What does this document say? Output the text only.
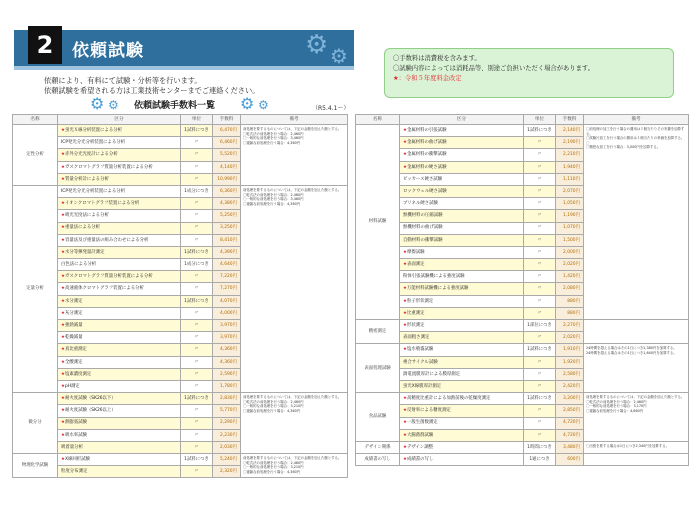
2	依頼試験	⚙ ⚙
依頼により、有料にて試験・分析等を行います。
依頼試験を希望される方は工業技術センターまでご連絡ください。
〇手数料は消費税を含みます。
〇試験内容によっては消耗品等、別途ご負担いただく場合があります。
★：令和５年度料金改定
⚙ ⚙ 依頼試験手数料一覧 ⚙ ⚙	（R5.4.1～）
名称	区分	単位	手数料	備考
定性分析	★蛍光Ｘ線分析装置による分析	1試料につき	6,470円	前処理を要するものについては、下記の金額を加えた額とする。
〇乾式法の前処理を行う場合：2,460円
〇一般的な前処理を行う場合：3,460円
〇複雑な前処理を行う場合：4,360円

	ICP発光分光分析装置による分析	〃	6,460円	
	★赤外分光光度計による分析	〃	5,520円	
	★ガスクロマトグラフ質量分析装置による分析	〃	4,140円	
	★質量分析計による分析	〃	10,990円	
定量分析	ICP発光分光分析装置による分析	1成分につき	6,360円	前処理を要するものについては、下記の金額を加えた額とする。
〇乾式法の前処理を行う場合：2,460円
〇一般的な前処理を行う場合：3,460円
〇複雑な前処理を行う場合：4,360円

	★イオンクロマトグラフ装置による分析	〃	4,380円	
	★吸光光度法による分析	〃	5,250円	
	★重量法による分析	〃	3,250円	
	★容量法及び重量法の組み合わせによる分析	〃	8,410円	
	★水分等揮発量計測定	1試料につき	4,390円	
	白色法による分析	1成分につき	4,640円	
	★ガスクロマトグラフ質量分析装置による分析	〃	7,220円	
	★高速液体クロマトグラフ装置による分析	〃	7,270円	
	★水分測定	1試料につき	4,070円	
	★灰分測定	〃	4,000円	
	★強熱減量	〃	3,970円	
	★乾燥減量	〃	3,970円	
	★真比重測定	〃	4,360円	
	★全酸測定	〃	4,360円	
	★塩素濃度測定	〃	2,590円	
	★pH測定	〃	1,780円	
微分分	★耐火度試験（SK26以下）	1試料につき	2,830円	前処理を要するものについては、下記の金額を加えた額とする。
〇乾式法の前処理を行う場合：2,460円
〇一般的な前処理を行う場合：3,210円
〇複雑な前処理を行う場合：4,360円

	★耐火度試験（SK26以上）	〃	5,770円	
	★熱膨張試験	〃	2,290円	
	★吸水率試験	〃	2,230円	
	吸着量分析	〃	2,030円	
物理化学試験	★X線回折試験	1試料につき	5,240円	前処理を要するものについては、下記の金額を加えた額とする。
〇乾式法の前処理を行う場合：2,460円
〇一般的な前処理を行う場合：3,210円
〇複雑な前処理を行う場合：4,360円

	粒度分布測定	〃	2,320円	
名称	区分	単位	手数料	備考
材料試験	★金属材料の引張試験	1試料につき	2,140円	〇前処理の加工を行う場合の費用は１個当たりその実費を加算する。
〇試験片加工を行う場合の費用は１個当たりの単価を加算する。
〇
〇精密な加工を行う場合：3,000円を加算する。

	★金属材料の曲げ試験	〃	2,190円	
	★金属材料の衝撃試験	〃	2,210円	
	★金属材料の硬さ試験	〃	1,940円	
	ビッカース硬さ試験	〃	1,110円	
	ロックウェル硬さ試験	〃	2,070円	
	ブリネル硬さ試験	〃	1,050円	
	無機材料の圧縮試験	〃	1,190円	
	無機材料の曲げ試験	〃	1,070円	
	自動材料の衝撃試験	〃	1,500円	
	★摩擦試験	〃	2,000円	
	★表面測定	〃	2,020円	
	粉体引張試験機による強度試験	〃	1,420円	
	★万能材料試験機による強度試験	〃	2,080円	
	★粒子形状測定	〃	880円	
	★比重測定	〃	880円	
精密測定	★形状測定	1部位につき	2,270円	
	表面粗さ測定	〃	2,020円	
表面処理試験	★塩水噴霧試験	1試料につき	1,910円	24時間を超える場合はその1日につき2,380円を加算する。
24時間を超える場合はその1日につき1,640円を加算する。

	複合サイクル試験	〃	1,920円	
	渦電流膜厚計による膜厚測定	〃	2,580円	
	蛍光X線膜厚計測定	〃	2,420円	
食品試験	★高精度比重計による加熱前後の乾燥度測定	1試料につき	3,200円	前処理を要するものについては、下記の金額を加えた額とする。
〇乾式法の前処理を行う場合：2,460円
〇一般的な前処理を行う場合：3,170円
〇複雑な前処理を行う場合：4,660円

	★反射率による糖度測定	〃	2,850円	
	★一般生菌数測定	〃	4,720円	
	★大腸菌群試験	〃	4,720円	
デザイン関係	★デザイン調整	1時間につき	3,480円	〇出張を要する場合は1日につき2,340円を加算する。

成績書の写し	★成績書の写し	1通につき	600円	
